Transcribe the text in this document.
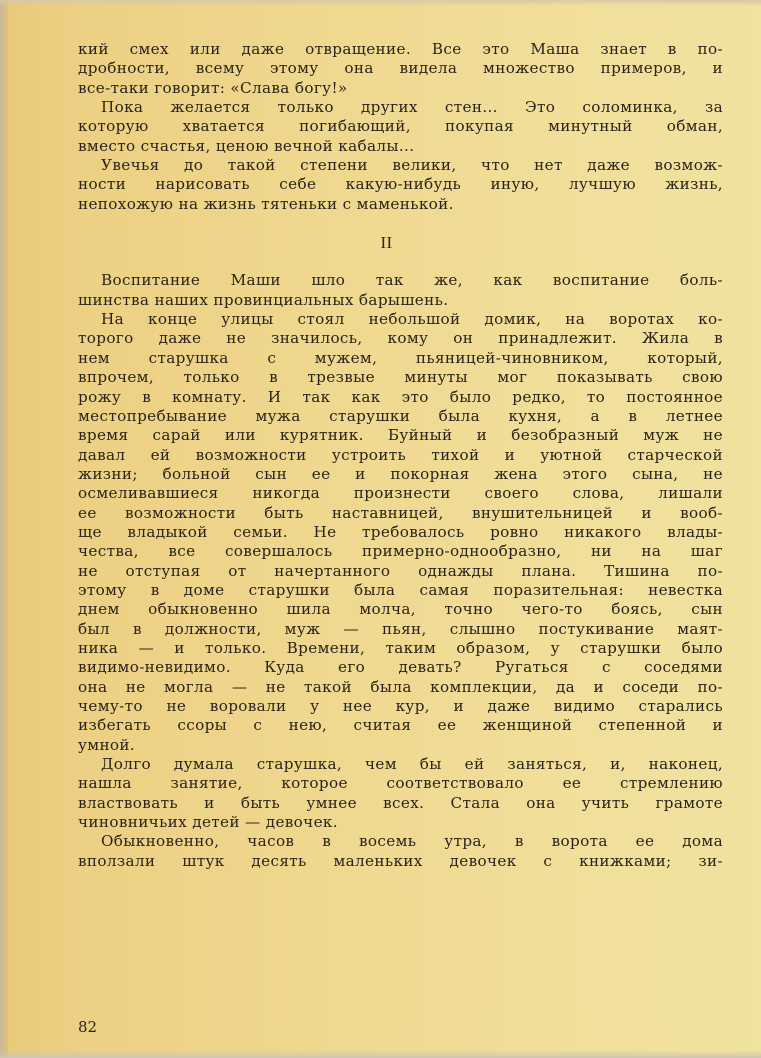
кий смех или даже отвращение. Все это Маша знает в по-
дробности, всему этому она видела множество примеров, и
все-таки говорит: «Слава богу!»
Пока желается только других стен... Это соломинка, за
которую хватается погибающий, покупая минутный обман,
вместо счастья, ценою вечной кабалы...
Увечья до такой степени велики, что нет даже возмож-
ности нарисовать себе какую-нибудь иную, лучшую жизнь,
непохожую на жизнь тятеньки с маменькой.
II
Воспитание Маши шло так же, как воспитание боль-
шинства наших провинциальных барышень.
На конце улицы стоял небольшой домик, на воротах ко-
торого даже не значилось, кому он принадлежит. Жила в
нем старушка с мужем, пьяницей-чиновником, который,
впрочем, только в трезвые минуты мог показывать свою
рожу в комнату. И так как это было редко, то постоянное
местопребывание мужа старушки была кухня, а в летнее
время сарай или курятник. Буйный и безобразный муж не
давал ей возможности устроить тихой и уютной старческой
жизни; больной сын ее и покорная жена этого сына, не
осмеливавшиеся никогда произнести своего слова, лишали
ее возможности быть наставницей, внушительницей и вооб-
ще владыкой семьи. Не требовалось ровно никакого влады-
чества, все совершалось примерно-однообразно, ни на шаг
не отступая от начертанного однажды плана. Тишина по-
этому в доме старушки была самая поразительная: невестка
днем обыкновенно шила молча, точно чего-то боясь, сын
был в должности, муж — пьян, слышно постукивание маят-
ника — и только. Времени, таким образом, у старушки было
видимо-невидимо. Куда его девать? Ругаться с соседями
она не могла — не такой была комплекции, да и соседи по-
чему-то не воровали у нее кур, и даже видимо старались
избегать ссоры с нею, считая ее женщиной степенной и
умной.
Долго думала старушка, чем бы ей заняться, и, наконец,
нашла занятие, которое соответствовало ее стремлению
властвовать и быть умнее всех. Стала она учить грамоте
чиновничьих детей — девочек.
Обыкновенно, часов в восемь утра, в ворота ее дома
вползали штук десять маленьких девочек с книжками; зи-
82
